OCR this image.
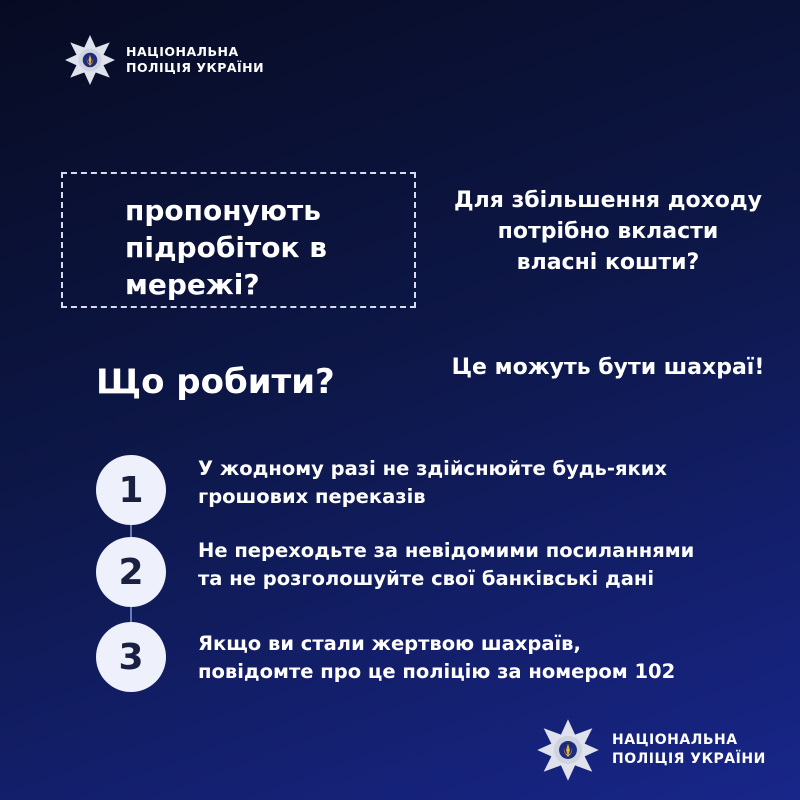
НАЦІОНАЛЬНА
ПОЛІЦІЯ УКРАЇНИ
пропонують
підробіток в
мережі?
Для збільшення доходу
потрібно вкласти
власні кошти?
Це можуть бути шахраї!
Що робити?
1
У жодному разі не здійснюйте будь-яких
грошових переказів
2
Не переходьте за невідомими посиланнями
та не розголошуйте свої банківські дані
3	Якщо ви стали жертвою шахраїв,
повідомте про це поліцію за номером 102
НАЦІОНАЛЬНА
ПОЛІЦІЯ УКРАЇНИ
